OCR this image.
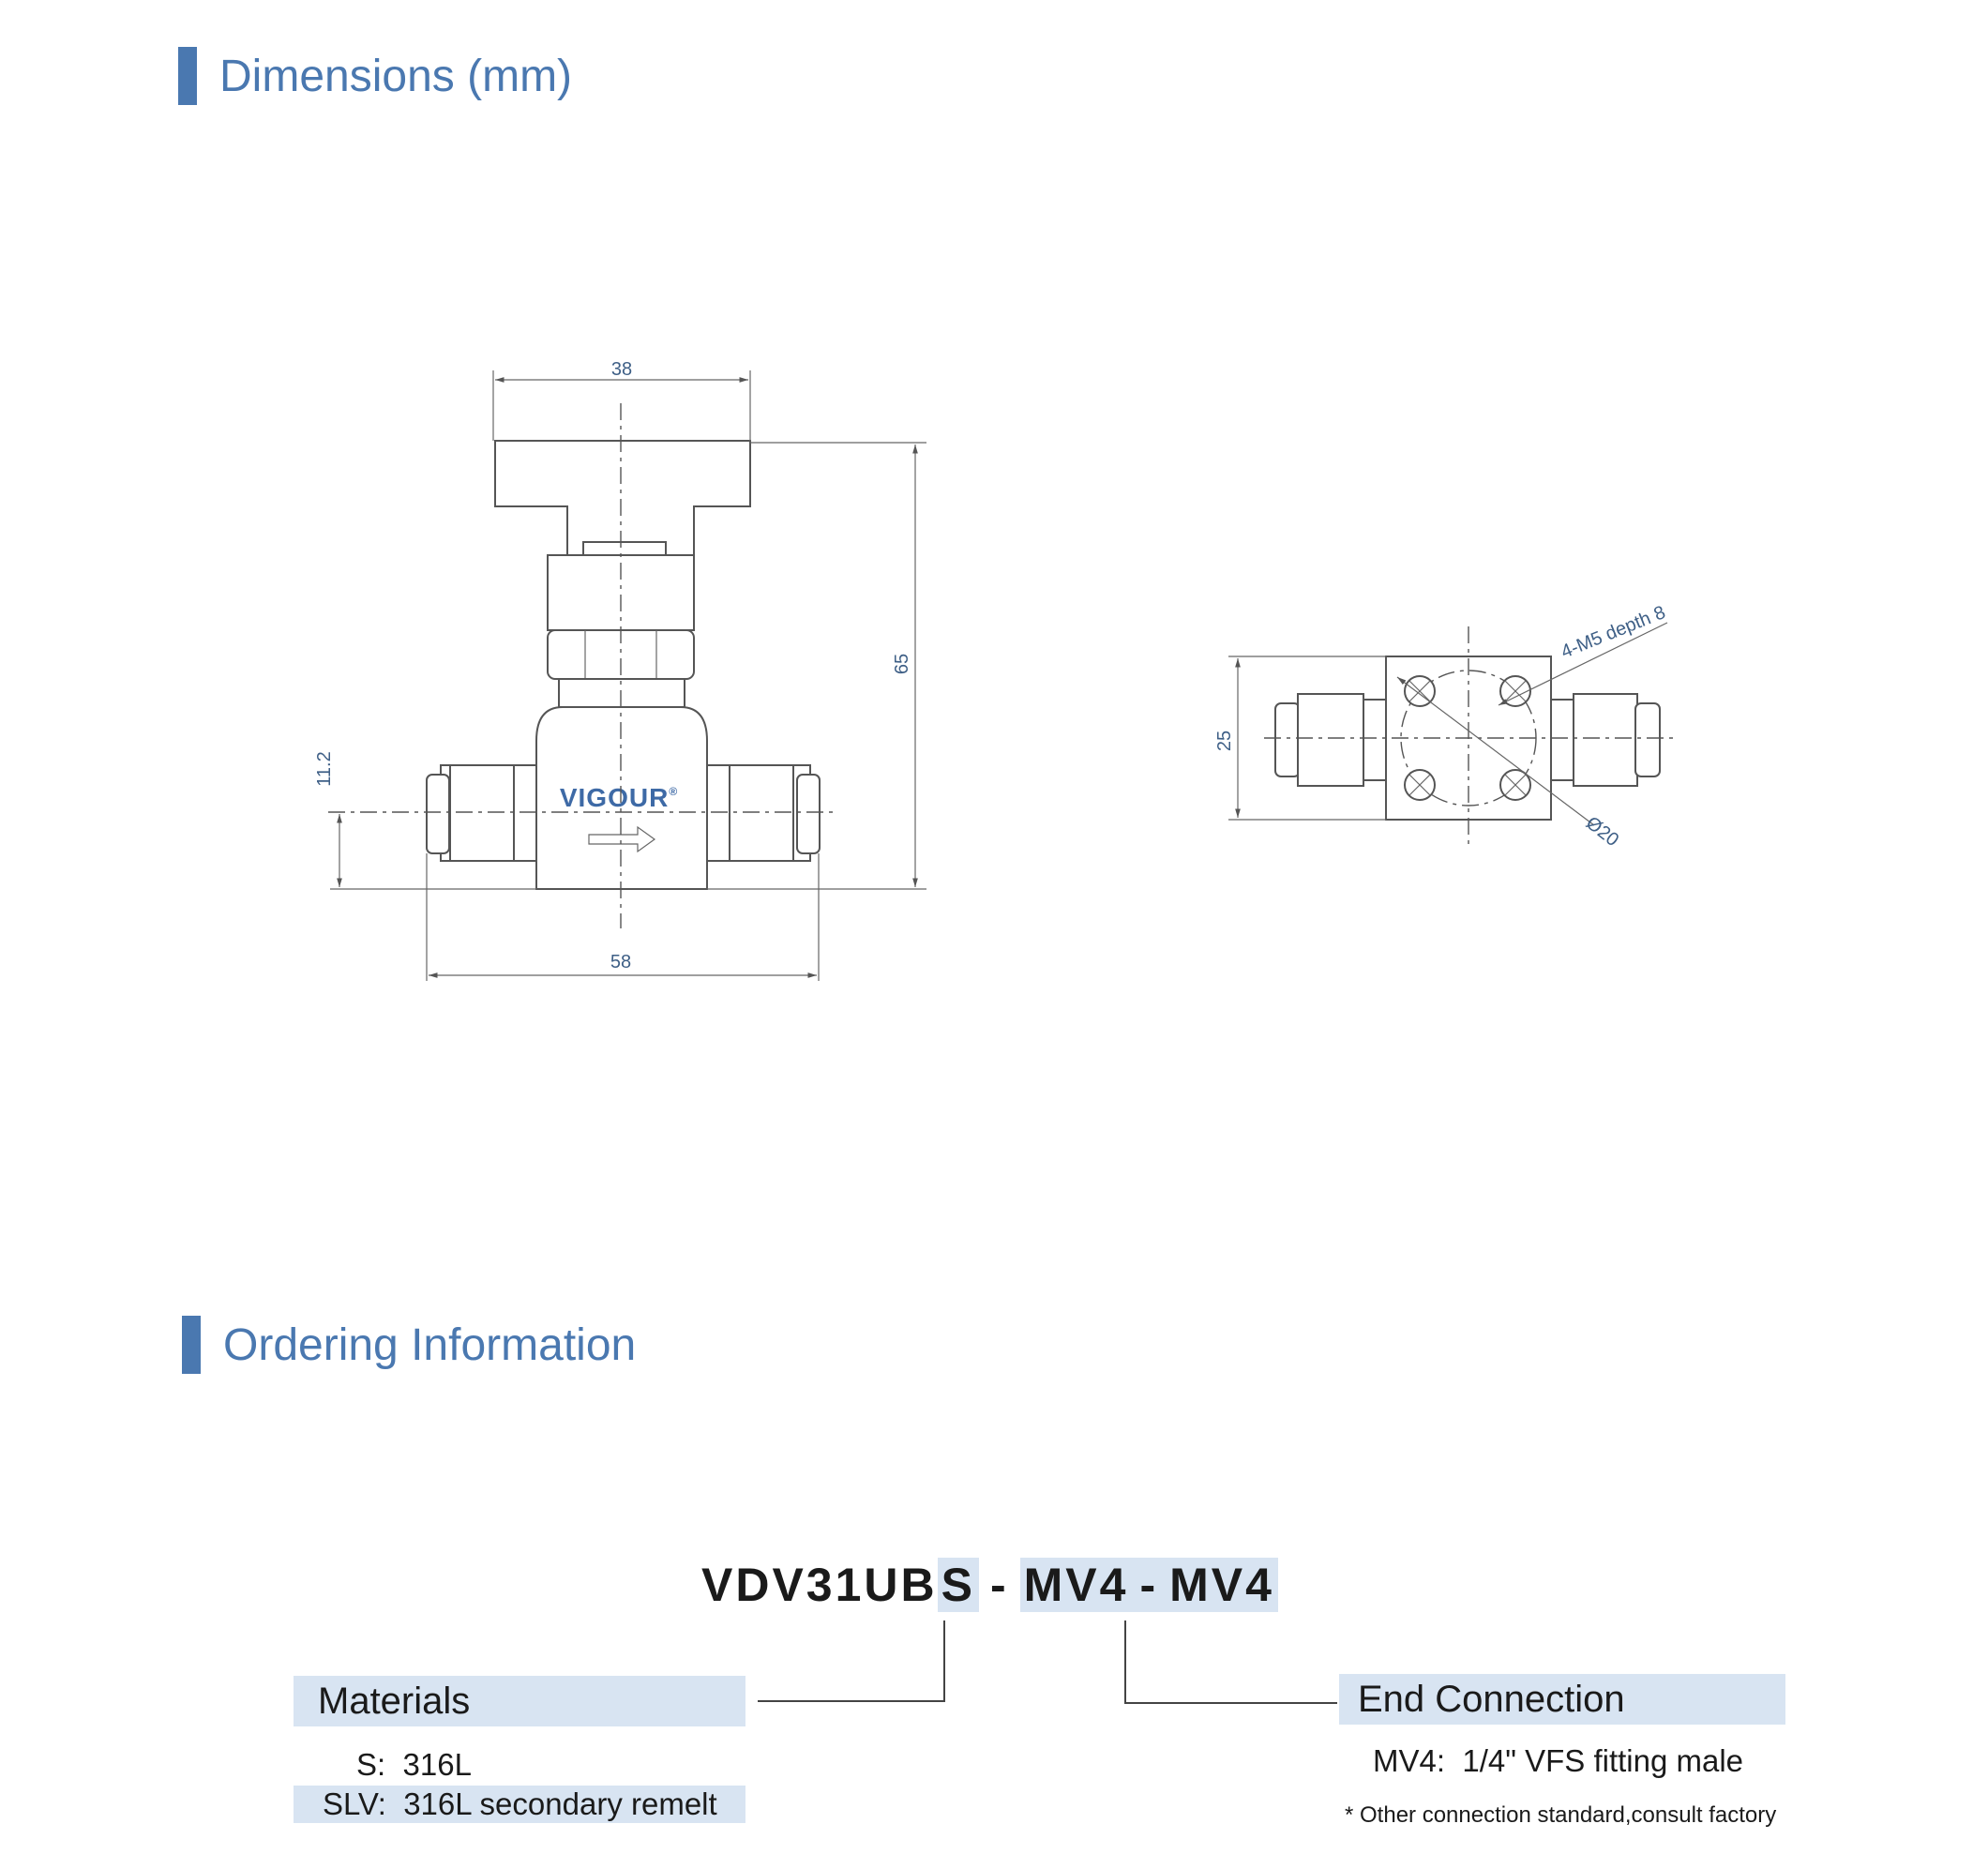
Dimensions (mm)
Ordering Information
VIGOUR®
38
65
11.2
58
Ø20
4-M5 depth 8
25
VDV31UB S - MV4 - MV4
Materials
S:  316L
SLV:  316L secondary remelt
End Connection
MV4:  1/4" VFS fitting male
* Other connection standard,consult factory
